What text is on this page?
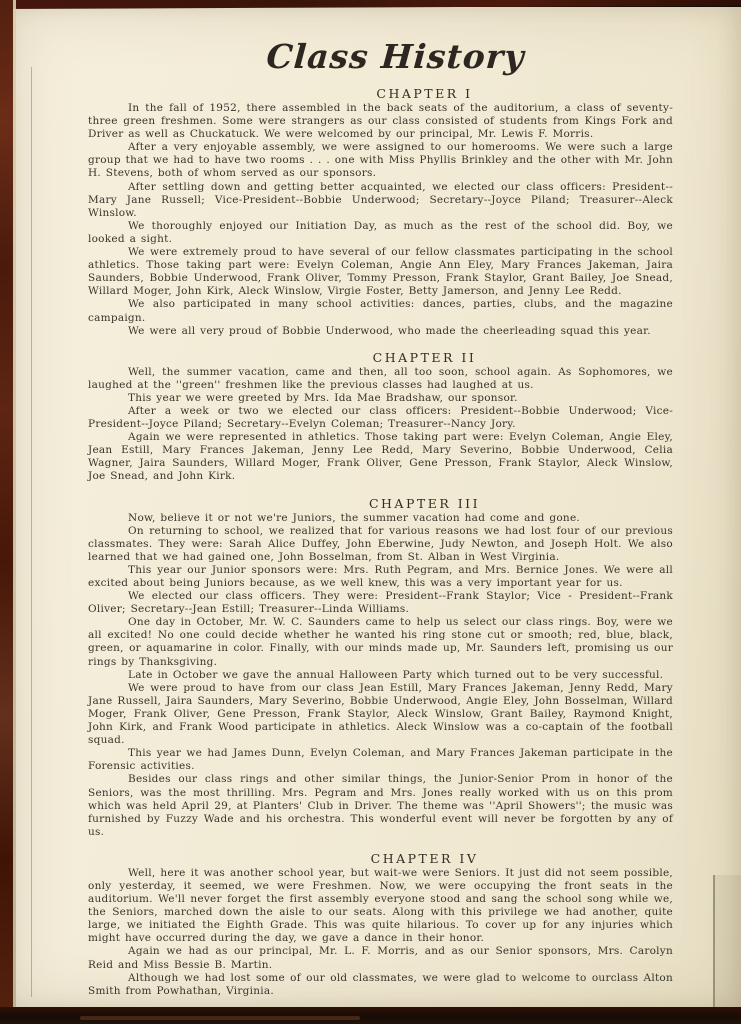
Class History
CHAPTER I

In the fall of 1952, there assembled in the back seats of the auditorium, a class of seventy-three green freshmen. Some were strangers as our class consisted of students from Kings Fork and Driver as well as Chuckatuck. We were welcomed by our principal, Mr. Lewis F. Morris.

After a very enjoyable assembly, we were assigned to our homerooms. We were such a large group that we had to have two rooms . . . one with Miss Phyllis Brinkley and the other with Mr. John H. Stevens, both of whom served as our sponsors.

After settling down and getting better acquainted, we elected our class officers: President--Mary Jane Russell; Vice-President--Bobbie Underwood; Secretary--Joyce Piland; Treasurer--Aleck Winslow.

We thoroughly enjoyed our Initiation Day, as much as the rest of the school did. Boy, we looked a sight.

We were extremely proud to have several of our fellow classmates participating in the school athletics. Those taking part were: Evelyn Coleman, Angie Ann Eley, Mary Frances Jakeman, Jaira Saunders, Bobbie Underwood, Frank Oliver, Tommy Presson, Frank Staylor, Grant Bailey, Joe Snead, Willard Moger, John Kirk, Aleck Winslow, Virgie Foster, Betty Jamerson, and Jenny Lee Redd.

We also participated in many school activities: dances, parties, clubs, and the magazine campaign.

We were all very proud of Bobbie Underwood, who made the cheerleading squad this year.

CHAPTER II

Well, the summer vacation, came and then, all too soon, school again. As Sophomores, we laughed at the ''green'' freshmen like the previous classes had laughed at us.

This year we were greeted by Mrs. Ida Mae Bradshaw, our sponsor.

After a week or two we elected our class officers: President--Bobbie Underwood; Vice-President--Joyce Piland; Secretary--Evelyn Coleman; Treasurer--Nancy Jory.

Again we were represented in athletics. Those taking part were: Evelyn Coleman, Angie Eley, Jean Estill, Mary Frances Jakeman, Jenny Lee Redd, Mary Severino, Bobbie Underwood, Celia Wagner, Jaira Saunders, Willard Moger, Frank Oliver, Gene Presson, Frank Staylor, Aleck Winslow, Joe Snead, and John Kirk.

CHAPTER III

Now, believe it or not we're Juniors, the summer vacation had come and gone.

On returning to school, we realized that for various reasons we had lost four of our previous classmates. They were: Sarah Alice Duffey, John Eberwine, Judy Newton, and Joseph Holt. We also learned that we had gained one, John Bosselman, from St. Alban in West Virginia.

This year our Junior sponsors were: Mrs. Ruth Pegram, and Mrs. Bernice Jones. We were all excited about being Juniors because, as we well knew, this was a very important year for us.

We elected our class officers. They were: President--Frank Staylor; Vice - President--Frank Oliver; Secretary--Jean Estill; Treasurer--Linda Williams.

One day in October, Mr. W. C. Saunders came to help us select our class rings. Boy, were we all excited! No one could decide whether he wanted his ring stone cut or smooth; red, blue, black, green, or aquamarine in color. Finally, with our minds made up, Mr. Saunders left, promising us our rings by Thanksgiving.

Late in October we gave the annual Halloween Party which turned out to be very successful.

We were proud to have from our class Jean Estill, Mary Frances Jakeman, Jenny Redd, Mary Jane Russell, Jaira Saunders, Mary Severino, Bobbie Underwood, Angie Eley, John Bosselman, Willard Moger, Frank Oliver, Gene Presson, Frank Staylor, Aleck Winslow, Grant Bailey, Raymond Knight, John Kirk, and Frank Wood participate in athletics. Aleck Winslow was a co-captain of the football squad.

This year we had James Dunn, Evelyn Coleman, and Mary Frances Jakeman participate in the Forensic activities.

Besides our class rings and other similar things, the Junior-Senior Prom in honor of the Seniors, was the most thrilling. Mrs. Pegram and Mrs. Jones really worked with us on this prom which was held April 29, at Planters' Club in Driver. The theme was ''April Showers''; the music was furnished by Fuzzy Wade and his orchestra. This wonderful event will never be forgotten by any of us.

CHAPTER IV

Well, here it was another school year, but wait-we were Seniors. It just did not seem possible, only yesterday, it seemed, we were Freshmen. Now, we were occupying the front seats in the auditorium. We'll never forget the first assembly everyone stood and sang the school song while we, the Seniors, marched down the aisle to our seats. Along with this privilege we had another, quite large, we initiated the Eighth Grade. This was quite hilarious. To cover up for any injuries which might have occurred during the day, we gave a dance in their honor.

Again we had as our principal, Mr. L. F. Morris, and as our Senior sponsors, Mrs. Carolyn Reid and Miss Bessie B. Martin.

Although we had lost some of our old classmates, we were glad to welcome to ourclass Alton Smith from Powhathan, Virginia.
